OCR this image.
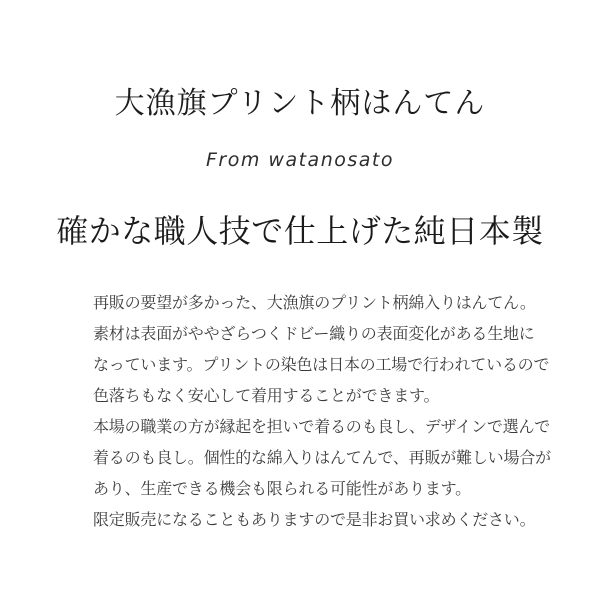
大漁旗プリント柄はんてん
From watanosato
確かな職人技で仕上げた純日本製
再販の要望が多かった、大漁旗のプリント柄綿入りはんてん。
素材は表面がややざらつくドビー織りの表面変化がある生地に
なっています。プリントの染色は日本の工場で行われているので
色落ちもなく安心して着用することができます。
本場の職業の方が縁起を担いで着るのも良し、デザインで選んで
着るのも良し。個性的な綿入りはんてんで、再販が難しい場合が
あり、生産できる機会も限られる可能性があります。
限定販売になることもありますので是非お買い求めください。
